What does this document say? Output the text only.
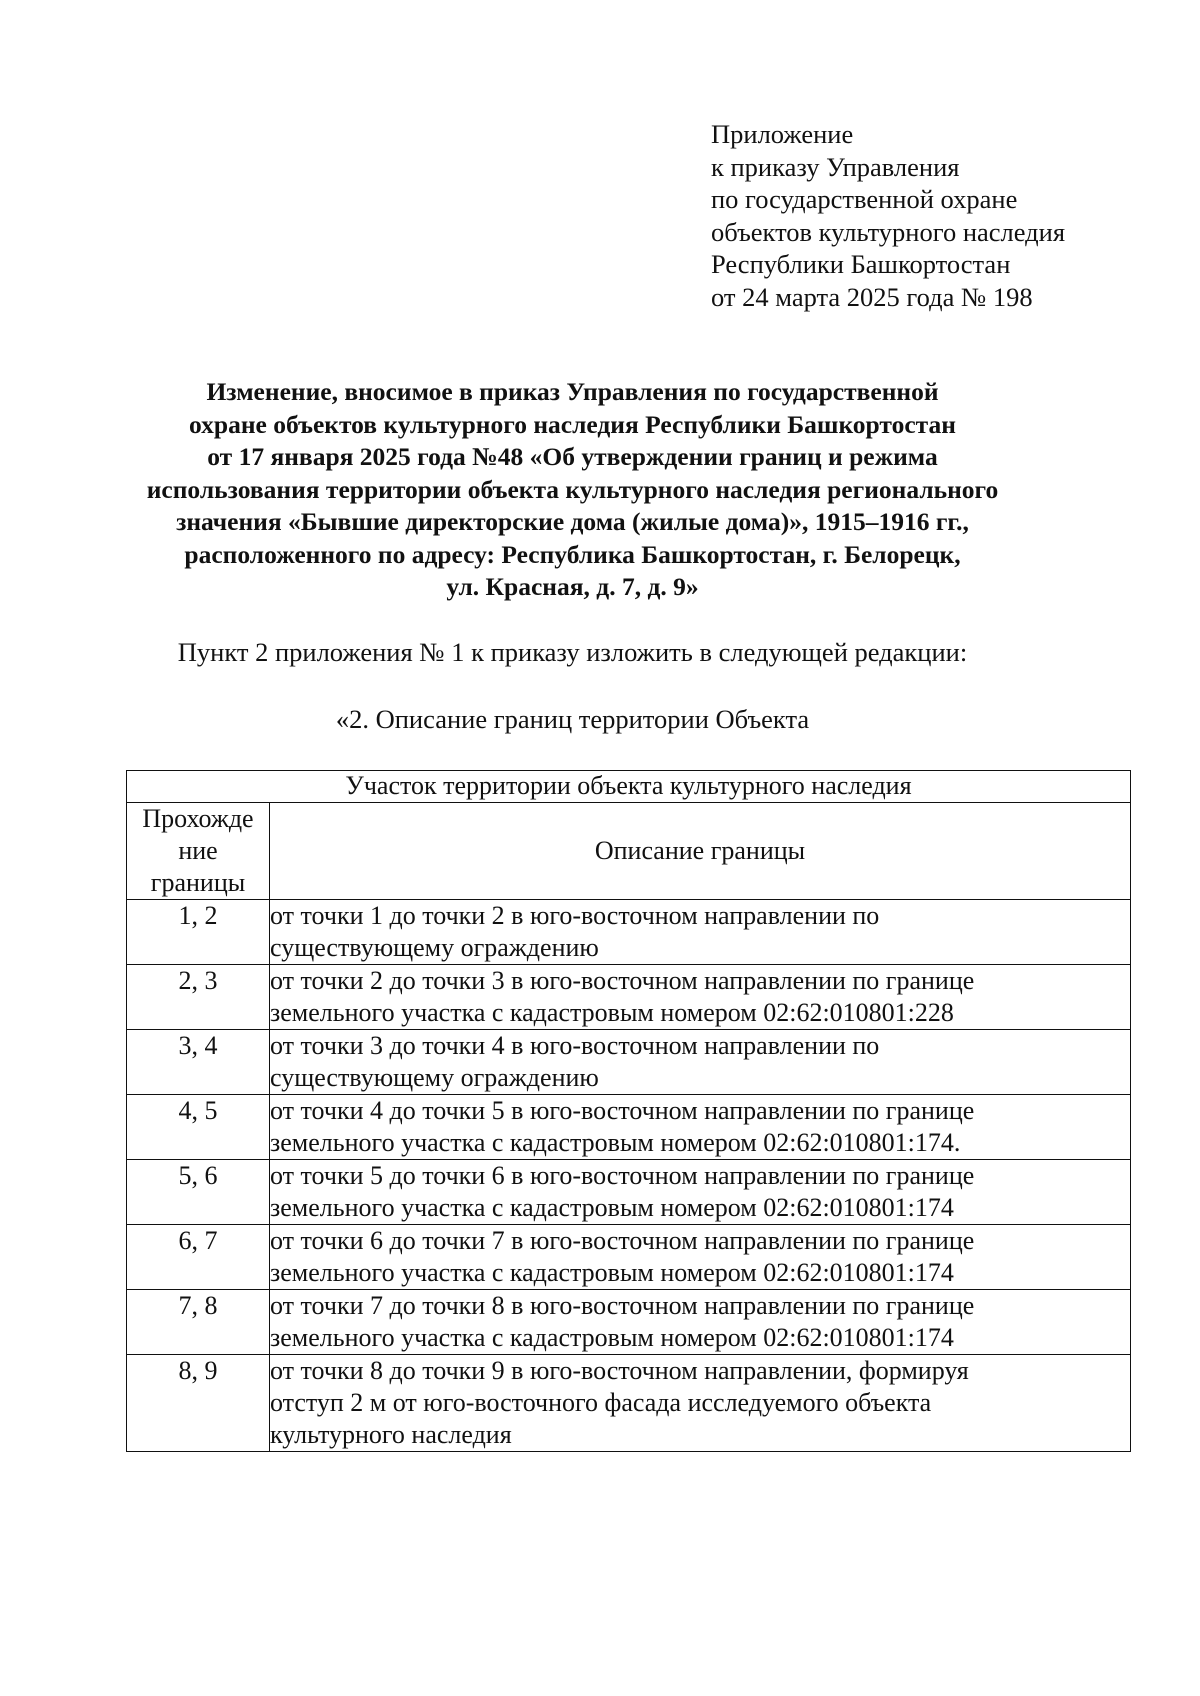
Приложение
к приказу Управления
по государственной охране
объектов культурного наследия
Республики Башкортостан
от 24 марта 2025 года № 198
Изменение, вносимое в приказ Управления по государственной
охране объектов культурного наследия Республики Башкортостан
от 17 января 2025 года №48 «Об утверждении границ и режима
использования территории объекта культурного наследия регионального
значения «Бывшие директорские дома (жилые дома)», 1915–1916 гг.,
расположенного по адресу: Республика Башкортостан, г. Белорецк,
ул. Красная, д. 7, д. 9»
Пункт 2 приложения № 1 к приказу изложить в следующей редакции:
«2. Описание границ территории Объекта
Участок территории объекта культурного наследия	

Прохожде
ние
границы	Описание границы
1, 2	от точки 1 до точки 2 в юго-восточном направлении по
существующему ограждению

2, 3	от точки 2 до точки 3 в юго-восточном направлении по границе
земельного участка с кадастровым номером 02:62:010801:228

3, 4	от точки 3 до точки 4 в юго-восточном направлении по
существующему ограждению

4, 5	от точки 4 до точки 5 в юго-восточном направлении по границе
земельного участка с кадастровым номером 02:62:010801:174.

5, 6	от точки 5 до точки 6 в юго-восточном направлении по границе
земельного участка с кадастровым номером 02:62:010801:174

6, 7	от точки 6 до точки 7 в юго-восточном направлении по границе
земельного участка с кадастровым номером 02:62:010801:174

7, 8	от точки 7 до точки 8 в юго-восточном направлении по границе
земельного участка с кадастровым номером 02:62:010801:174

8, 9	от точки 8 до точки 9 в юго-восточном направлении, формируя
отступ 2 м от юго-восточного фасада исследуемого объекта
культурного наследия
